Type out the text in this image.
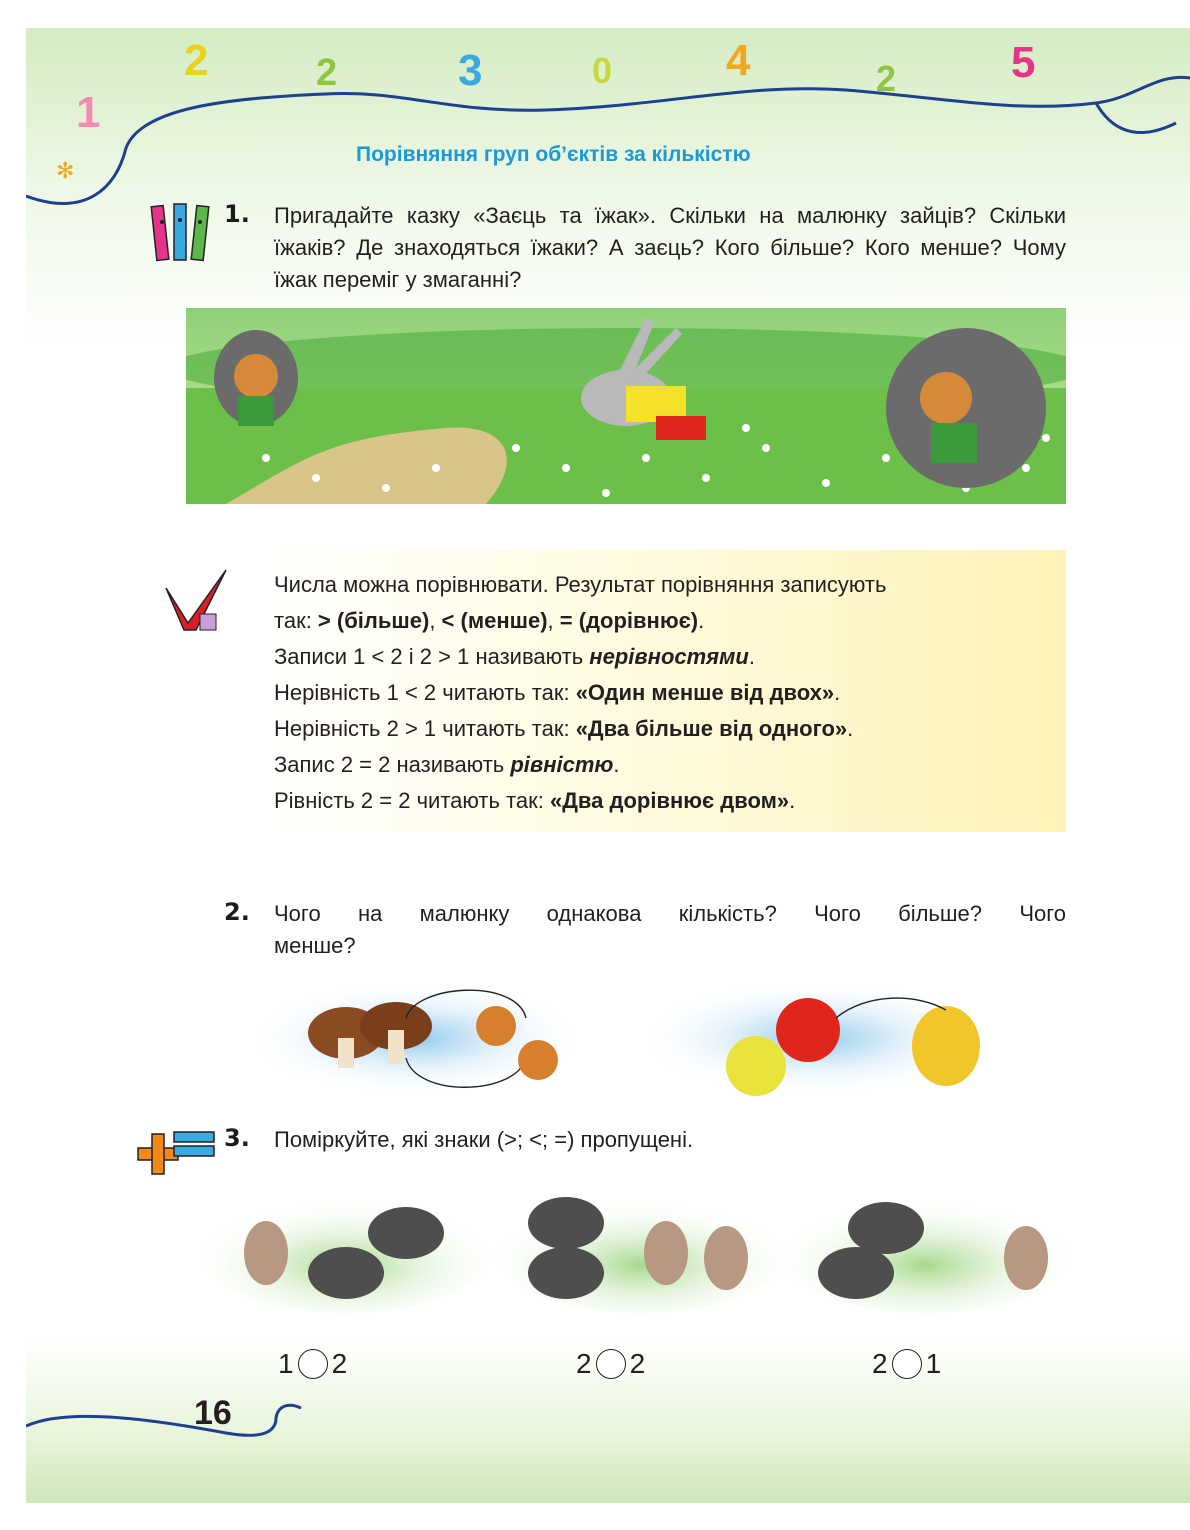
1
2	2	3	0	4	2	5
✻
Порівняння груп об’єктів за кількістю
1. Пригадайте казку «Заєць та їжак». Скільки на малюнку зайців? Скільки їжаків? Де знаходяться їжаки? А заєць? Кого більше? Кого менше? Чому їжак переміг у змаганні?
Числа можна порівнювати. Результат порівняння записують
так: > (більше), < (менше), = (дорівнює).
Записи 1 < 2 і 2 > 1 називають нерівностями.
Нерівність 1 < 2 читають так: «Один менше від двох».
Нерівність 2 > 1 читають так: «Два більше від одного».
Запис 2 = 2 називають рівністю.
Рівність 2 = 2 читають так: «Два дорівнює двом».
2. Чого на малюнку однакова кількість? Чого більше? Чого
менше?
3. Поміркуйте, які знаки (>; <; =) пропущені.
1 2	2 2	2 1
16
